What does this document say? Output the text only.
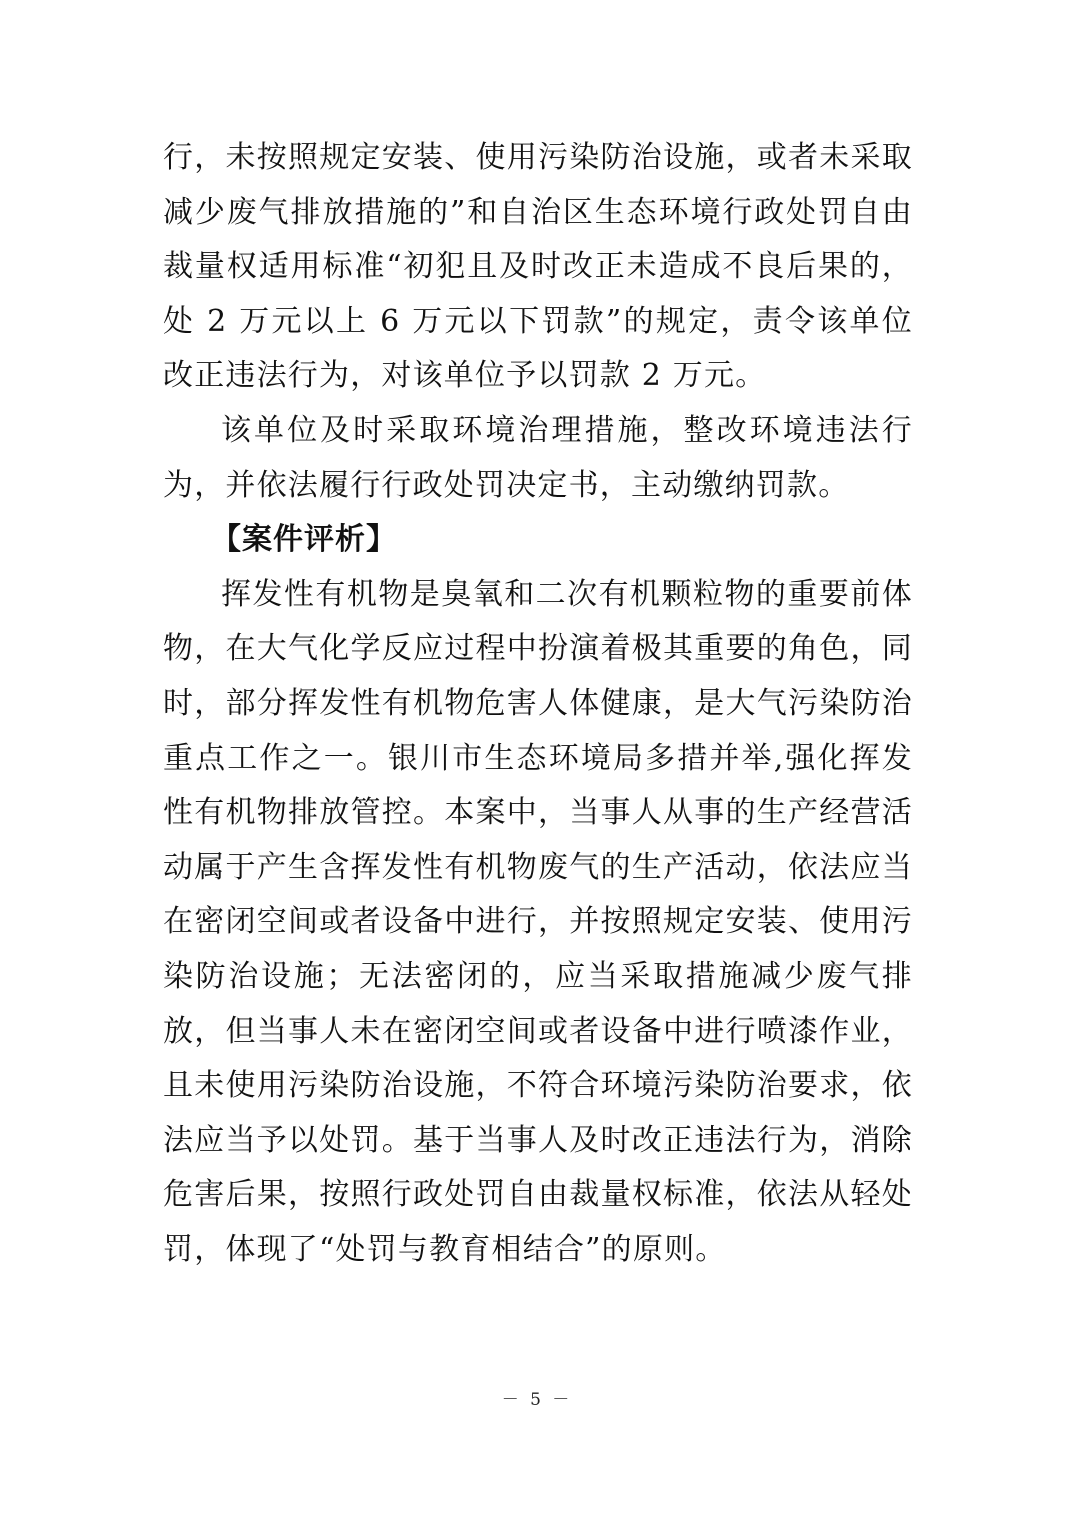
行，未按照规定安装、使用污染防治设施，或者未采取减少废气排放措施的”和自治区生态环境行政处罚自由裁量权适用标准“初犯且及时改正未造成不良后果的，处 2 万元以上 6 万元以下罚款”的规定，责令该单位改正违法行为，对该单位予以罚款 2 万元。

该单位及时采取环境治理措施，整改环境违法行为，并依法履行行政处罚决定书，主动缴纳罚款。

【案件评析】

挥发性有机物是臭氧和二次有机颗粒物的重要前体物，在大气化学反应过程中扮演着极其重要的角色，同时，部分挥发性有机物危害人体健康，是大气污染防治重点工作之一。银川市生态环境局多措并举,强化挥发性有机物排放管控。本案中，当事人从事的生产经营活动属于产生含挥发性有机物废气的生产活动，依法应当在密闭空间或者设备中进行，并按照规定安装、使用污染防治设施；无法密闭的，应当采取措施减少废气排放，但当事人未在密闭空间或者设备中进行喷漆作业，且未使用污染防治设施，不符合环境污染防治要求，依法应当予以处罚。基于当事人及时改正违法行为，消除危害后果，按照行政处罚自由裁量权标准，依法从轻处罚，体现了“处罚与教育相结合”的原则。

－ 5 －
